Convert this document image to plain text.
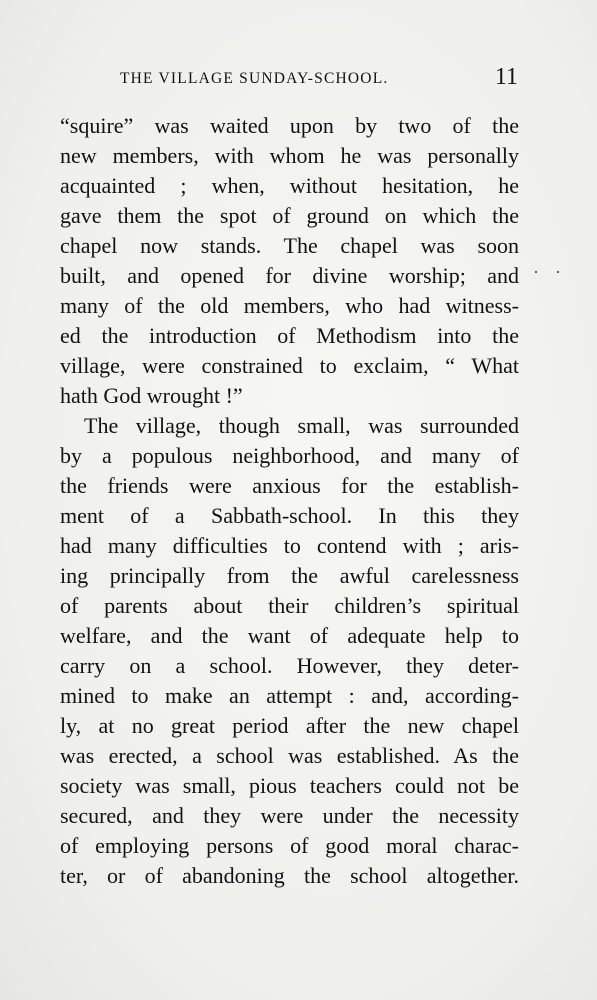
THE VILLAGE SUNDAY-SCHOOL.	11
··
“squire” was waited upon by two of the
new members, with whom he was personally
acquainted ; when, without hesitation, he
gave them the spot of ground on which the
chapel now stands. The chapel was soon
built, and opened for divine worship; and
many of the old members, who had witness-
ed the introduction of Methodism into the
village, were constrained to exclaim, “ What
hath God wrought !”
The village, though small, was surrounded
by a populous neighborhood, and many of
the friends were anxious for the establish-
ment of a Sabbath-school. In this they
had many difficulties to contend with ; aris-
ing principally from the awful carelessness
of parents about their children’s spiritual
welfare, and the want of adequate help to
carry on a school. However, they deter-
mined to make an attempt : and, according-
ly, at no great period after the new chapel
was erected, a school was established. As the
society was small, pious teachers could not be
secured, and they were under the necessity
of employing persons of good moral charac-
ter, or of abandoning the school altogether.
